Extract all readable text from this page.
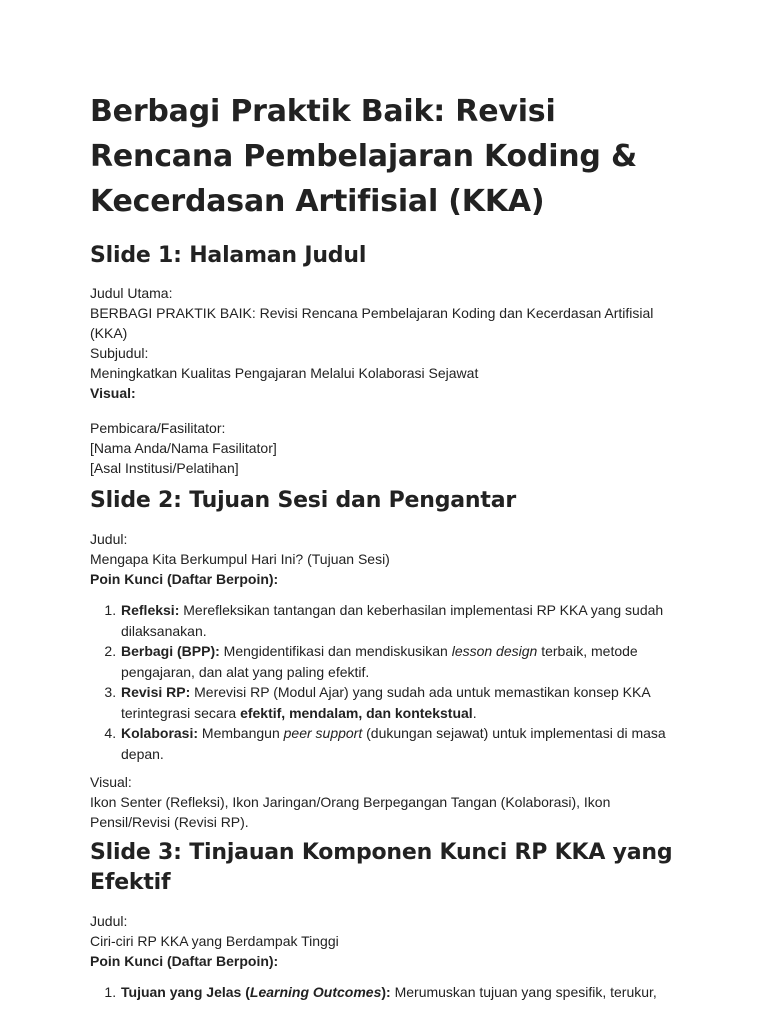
Berbagi Praktik Baik: Revisi Rencana Pembelajaran Koding & Kecerdasan Artifisial (KKA)
Slide 1: Halaman Judul

Judul Utama:

BERBAGI PRAKTIK BAIK: Revisi Rencana Pembelajaran Koding dan Kecerdasan Artifisial (KKA)

Subjudul:

Meningkatkan Kualitas Pengajaran Melalui Kolaborasi Sejawat

Visual:

Pembicara/Fasilitator:

[Nama Anda/Nama Fasilitator]

[Asal Institusi/Pelatihan]

Slide 2: Tujuan Sesi dan Pengantar

Judul:

Mengapa Kita Berkumpul Hari Ini? (Tujuan Sesi)

Poin Kunci (Daftar Berpoin):

1. Refleksi: Merefleksikan tantangan dan keberhasilan implementasi RP KKA yang sudah dilaksanakan.
2. Berbagi (BPP): Mengidentifikasi dan mendiskusikan lesson design terbaik, metode pengajaran, dan alat yang paling efektif.
3. Revisi RP: Merevisi RP (Modul Ajar) yang sudah ada untuk memastikan konsep KKA terintegrasi secara efektif, mendalam, dan kontekstual.
4. Kolaborasi: Membangun peer support (dukungan sejawat) untuk implementasi di masa depan.

Visual:

Ikon Senter (Refleksi), Ikon Jaringan/Orang Berpegangan Tangan (Kolaborasi), Ikon Pensil/Revisi (Revisi RP).

Slide 3: Tinjauan Komponen Kunci RP KKA yang Efektif

Judul:

Ciri-ciri RP KKA yang Berdampak Tinggi

Poin Kunci (Daftar Berpoin):

1. Tujuan yang Jelas (Learning Outcomes): Merumuskan tujuan yang spesifik, terukur,
